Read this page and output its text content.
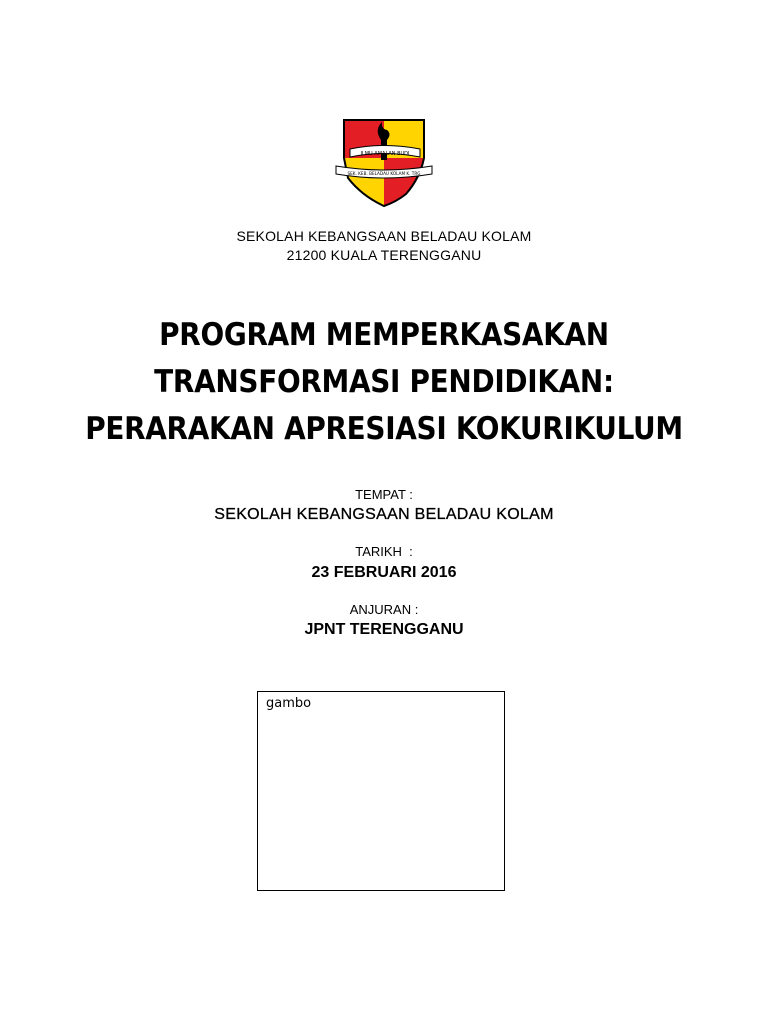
ILMU AMALAN BUDI
SEK. KEB. BELADAU KOLAM K. TRG
SEKOLAH KEBANGSAAN BELADAU KOLAM
21200 KUALA TERENGGANU
PROGRAM MEMPERKASAKAN
TRANSFORMASI PENDIDIKAN:
PERARAKAN APRESIASI KOKURIKULUM
TEMPAT :
SEKOLAH KEBANGSAAN BELADAU KOLAM
TARIKH  :
23 FEBRUARI 2016
ANJURAN :
JPNT TERENGGANU
gambo
